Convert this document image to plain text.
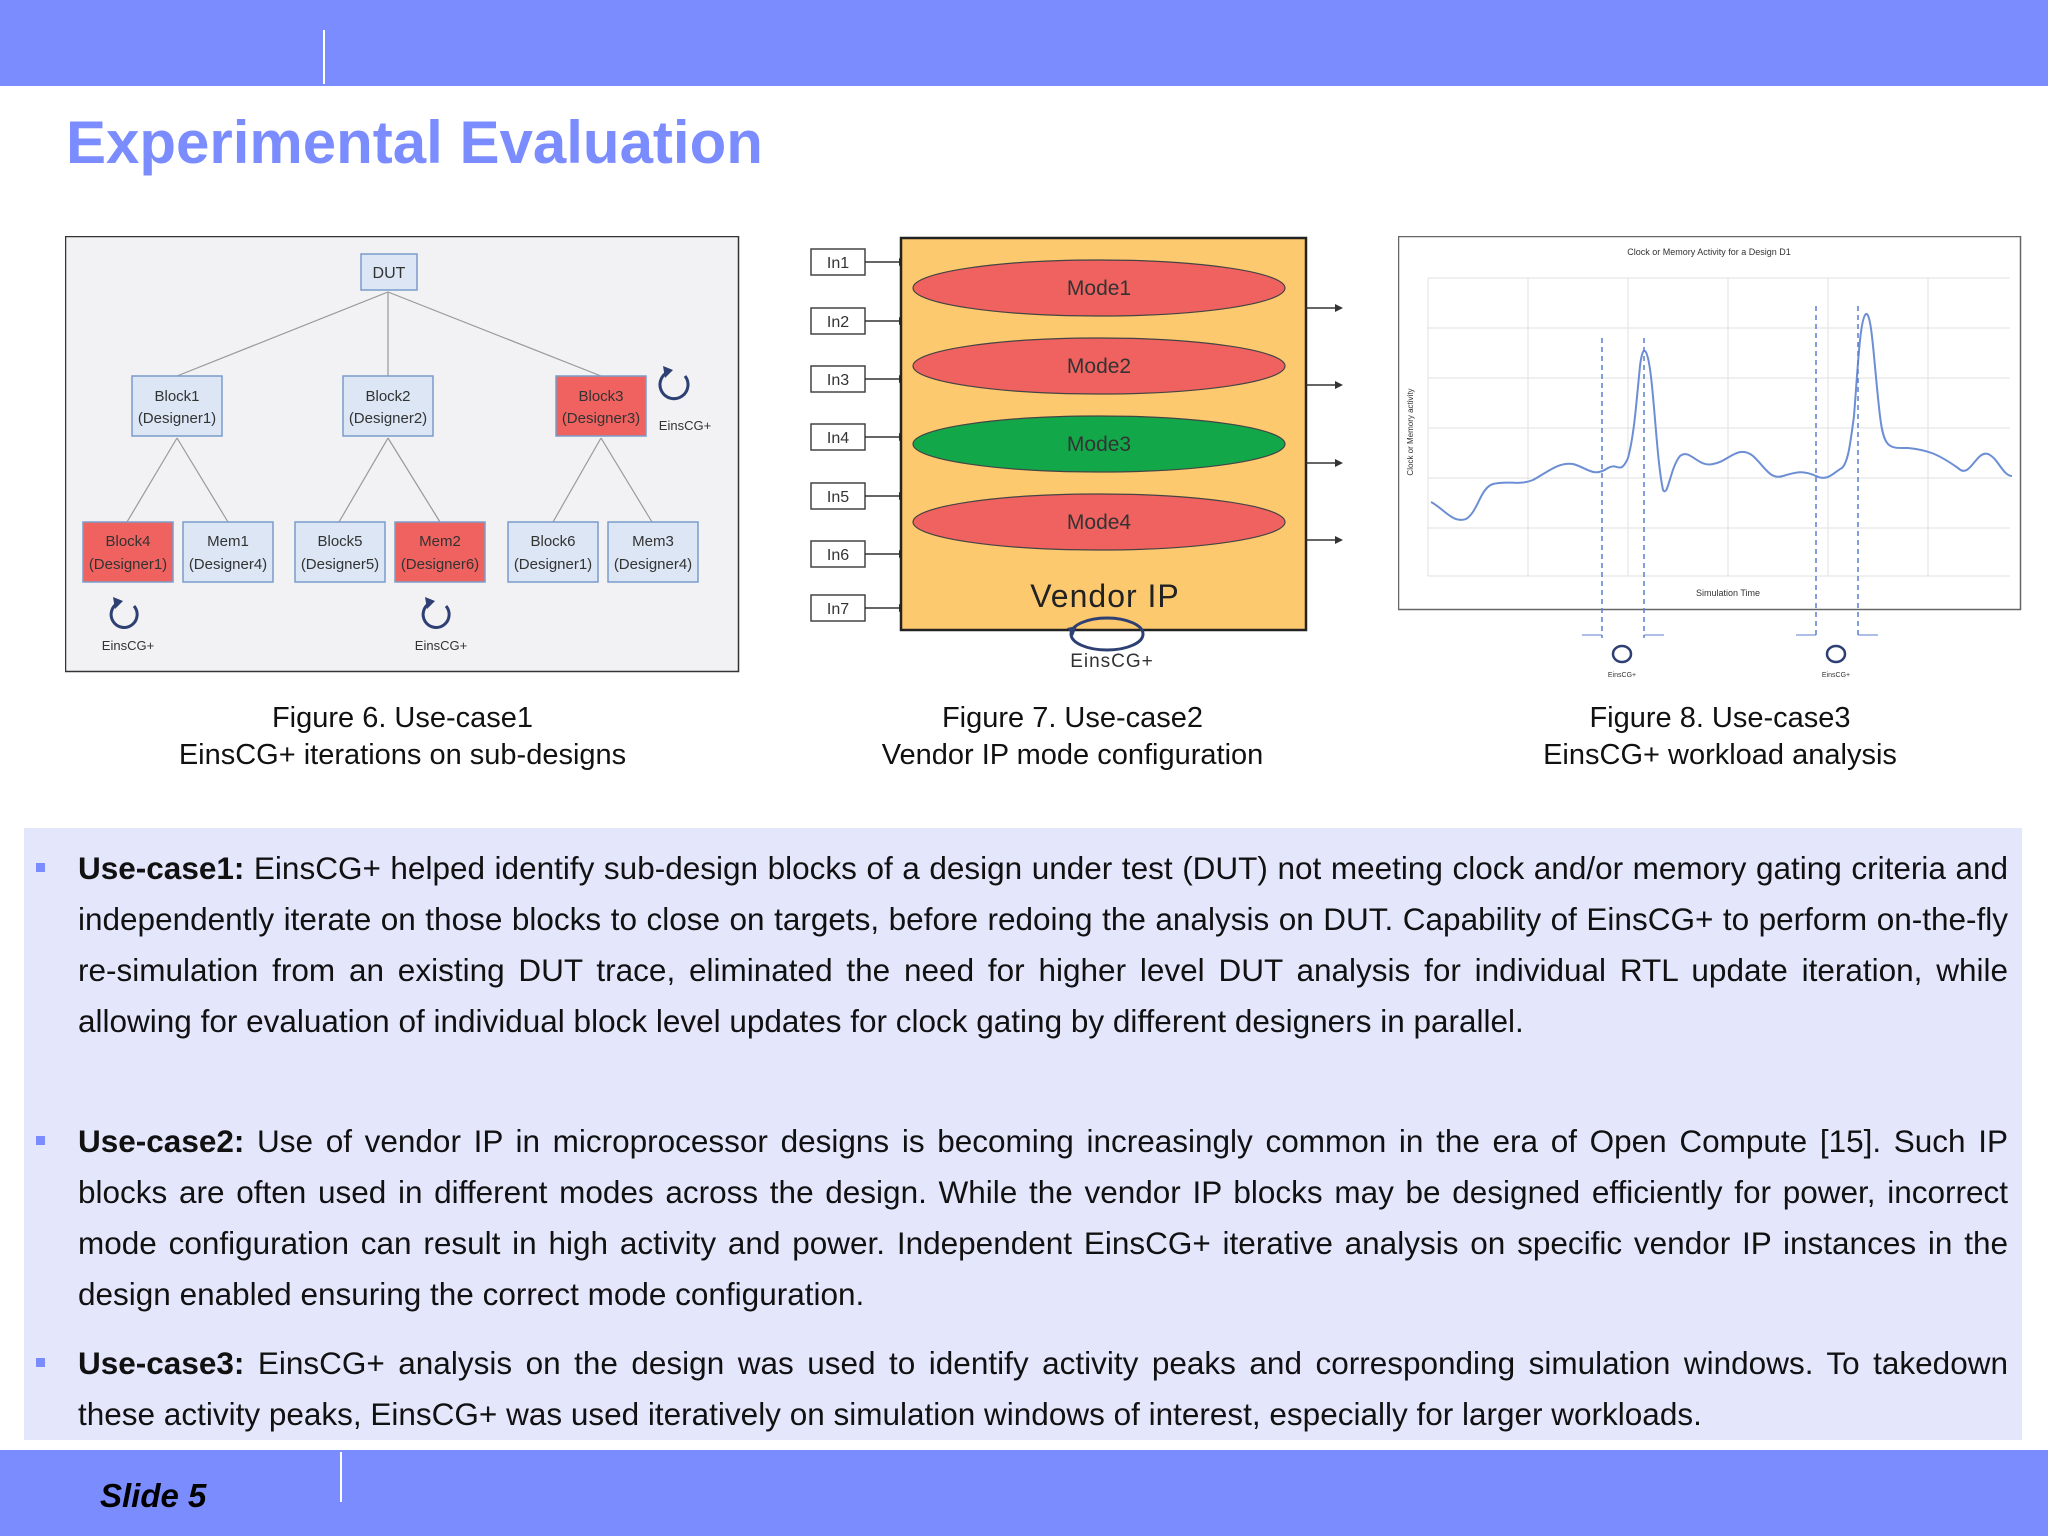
Experimental Evaluation
DUT
Block1
(Designer1)
Block2
(Designer2)
Block3
(Designer3) EinsCG+
Block4
(Designer1)
Mem1
(Designer4)
Block5
(Designer5)
Mem2
(Designer6)
Block6
(Designer1)
Mem3
(Designer4)
EinsCG+	EinsCG+
Figure 6. Use-case1
EinsCG+ iterations on sub-designs
In1
In2
In3
In4
In5
In6
In7
Mode1
Mode2
Mode3
Mode4
Vendor IP
EinsCG+
Figure 7. Use-case2
Vendor IP mode configuration
Clock or Memory Activity for a Design D1
Clock or Memory activity
Simulation Time
EinsCG+	EinsCG+
Figure 8. Use-case3
EinsCG+ workload analysis
Use-case1: EinsCG+ helped identify sub-design blocks of a design under test (DUT) not meeting clock and/or memory gating criteria and independently iterate on those blocks to close on targets, before redoing the analysis on DUT. Capability of EinsCG+ to perform on-the-fly re-simulation from an existing DUT trace, eliminated the need for higher level DUT analysis for individual RTL update iteration, while allowing for evaluation of individual block level updates for clock gating by different designers in parallel.
Use-case2: Use of vendor IP in microprocessor designs is becoming increasingly common in the era of Open Compute [15]. Such IP blocks are often used in different modes across the design. While the vendor IP blocks may be designed efficiently for power, incorrect mode configuration can result in high activity and power. Independent EinsCG+ iterative analysis on specific vendor IP instances in the design enabled ensuring the correct mode configuration.
Use-case3: EinsCG+ analysis on the design was used to identify activity peaks and corresponding simulation windows. To takedown these activity peaks, EinsCG+ was used iteratively on simulation windows of interest, especially for larger workloads.
Slide 5
